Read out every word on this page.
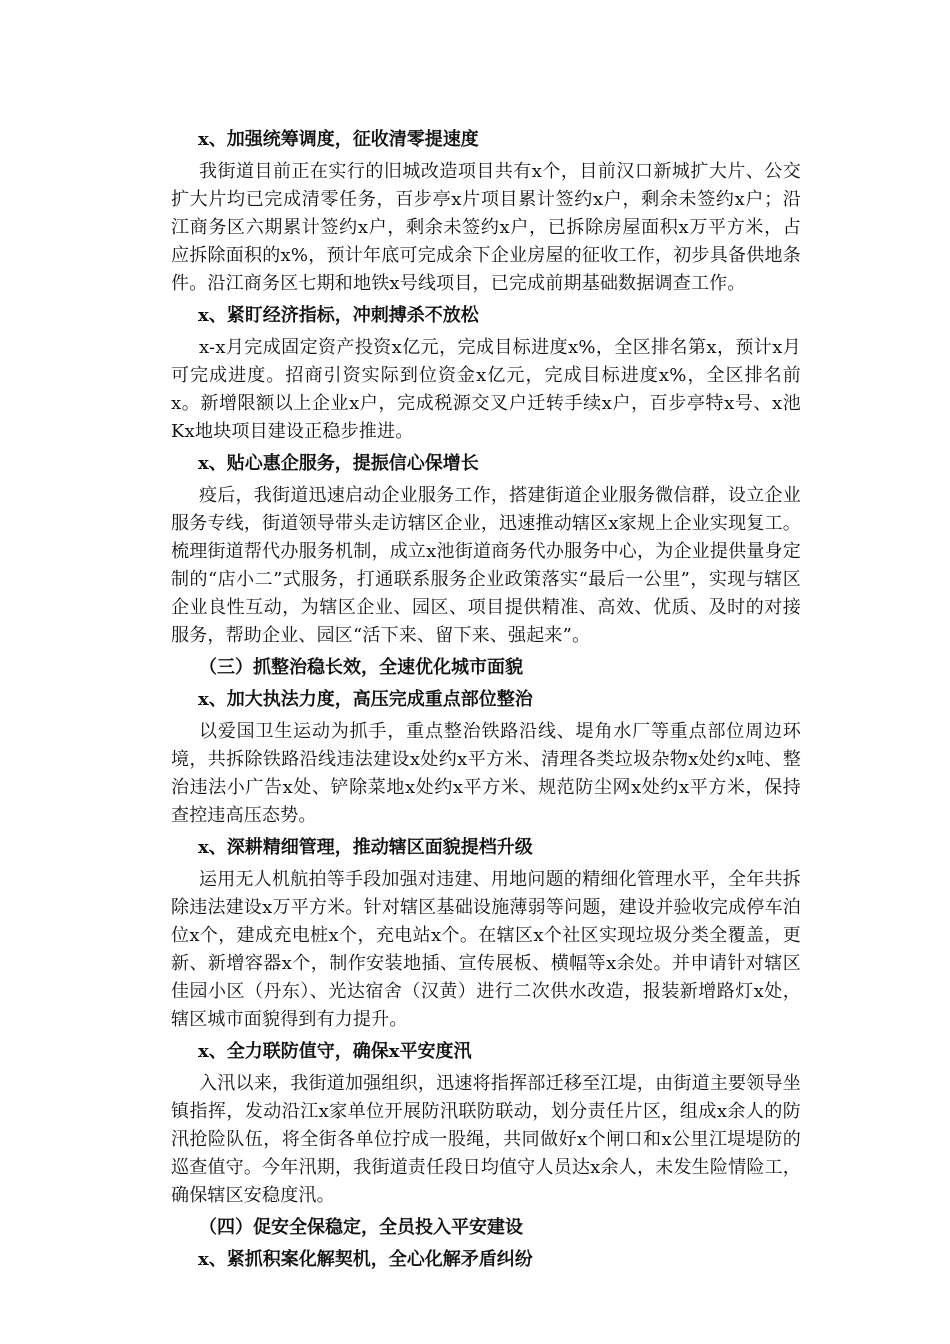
x、加强统筹调度，征收清零提速度

我街道目前正在实行的旧城改造项目共有x个，目前汉口新城扩大片、公交扩大片均已完成清零任务，百步亭x片项目累计签约x户，剩余未签约x户；沿江商务区六期累计签约x户，剩余未签约x户，已拆除房屋面积x万平方米，占应拆除面积的x%，预计年底可完成余下企业房屋的征收工作，初步具备供地条件。沿江商务区七期和地铁x号线项目，已完成前期基础数据调查工作。

x、紧盯经济指标，冲刺搏杀不放松

x-x月完成固定资产投资x亿元，完成目标进度x%，全区排名第x，预计x月可完成进度。招商引资实际到位资金x亿元，完成目标进度x%，全区排名前x。新增限额以上企业x户，完成税源交叉户迁转手续x户，百步亭特x号、x池Kx地块项目建设正稳步推进。

x、贴心惠企服务，提振信心保增长

疫后，我街道迅速启动企业服务工作，搭建街道企业服务微信群，设立企业服务专线，街道领导带头走访辖区企业，迅速推动辖区x家规上企业实现复工。梳理街道帮代办服务机制，成立x池街道商务代办服务中心，为企业提供量身定制的“店小二”式服务，打通联系服务企业政策落实“最后一公里”，实现与辖区企业良性互动，为辖区企业、园区、项目提供精准、高效、优质、及时的对接服务，帮助企业、园区“活下来、留下来、强起来”。

（三）抓整治稳长效，全速优化城市面貌
x、加大执法力度，高压完成重点部位整治

以爱国卫生运动为抓手，重点整治铁路沿线、堤角水厂等重点部位周边环境，共拆除铁路沿线违法建设x处约x平方米、清理各类垃圾杂物x处约x吨、整治违法小广告x处、铲除菜地x处约x平方米、规范防尘网x处约x平方米，保持查控违高压态势。

x、深耕精细管理，推动辖区面貌提档升级

运用无人机航拍等手段加强对违建、用地问题的精细化管理水平，全年共拆除违法建设x万平方米。针对辖区基础设施薄弱等问题，建设并验收完成停车泊位x个，建成充电桩x个，充电站x个。在辖区x个社区实现垃圾分类全覆盖，更新、新增容器x个，制作安装地插、宣传展板、横幅等x余处。并申请针对辖区佳园小区（丹东）、光达宿舍（汉黄）进行二次供水改造，报装新增路灯x处，辖区城市面貌得到有力提升。

x、全力联防值守，确保x平安度汛

入汛以来，我街道加强组织，迅速将指挥部迁移至江堤，由街道主要领导坐镇指挥，发动沿江x家单位开展防汛联防联动，划分责任片区，组成x余人的防汛抢险队伍，将全街各单位拧成一股绳，共同做好x个闸口和x公里江堤堤防的巡查值守。今年汛期，我街道责任段日均值守人员达x余人，未发生险情险工，确保辖区安稳度汛。

（四）促安全保稳定，全员投入平安建设
x、紧抓积案化解契机，全心化解矛盾纠纷
